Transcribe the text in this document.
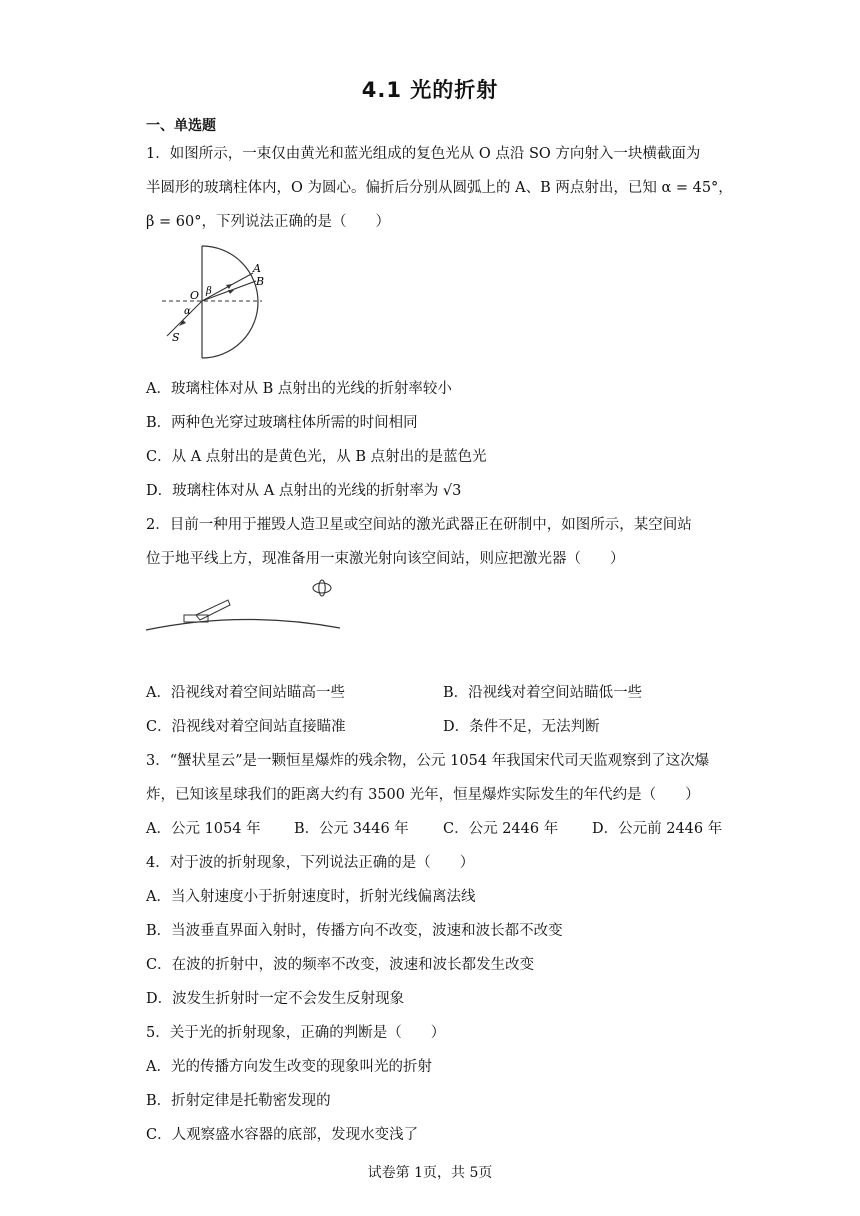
4.1 光的折射
一、单选题
1．如图所示，一束仅由黄光和蓝光组成的复色光从 O 点沿 SO 方向射入一块横截面为
半圆形的玻璃柱体内，O 为圆心。偏折后分别从圆弧上的 A、B 两点射出，已知 α = 45°，
β = 60°，下列说法正确的是（　　）
A
B
O β
α
S
A．玻璃柱体对从 B 点射出的光线的折射率较小
B．两种色光穿过玻璃柱体所需的时间相同
C．从 A 点射出的是黄色光，从 B 点射出的是蓝色光
D．玻璃柱体对从 A 点射出的光线的折射率为 √3
2．目前一种用于摧毁人造卫星或空间站的激光武器正在研制中，如图所示，某空间站
位于地平线上方，现准备用一束激光射向该空间站，则应把激光器（　　）
A．沿视线对着空间站瞄高一些	B．沿视线对着空间站瞄低一些
C．沿视线对着空间站直接瞄准	D．条件不足，无法判断
3．“蟹状星云”是一颗恒星爆炸的残余物，公元 1054 年我国宋代司天监观察到了这次爆
炸，已知该星球我们的距离大约有 3500 光年，恒星爆炸实际发生的年代约是（　　）
A．公元 1054 年 B．公元 3446 年 C．公元 2446 年 D．公元前 2446 年
4．对于波的折射现象，下列说法正确的是（　　）
A．当入射速度小于折射速度时，折射光线偏离法线
B．当波垂直界面入射时，传播方向不改变，波速和波长都不改变
C．在波的折射中，波的频率不改变，波速和波长都发生改变
D．波发生折射时一定不会发生反射现象
5．关于光的折射现象，正确的判断是（　　）
A．光的传播方向发生改变的现象叫光的折射
B．折射定律是托勒密发现的
C．人观察盛水容器的底部，发现水变浅了
试卷第 1页，共 5页
